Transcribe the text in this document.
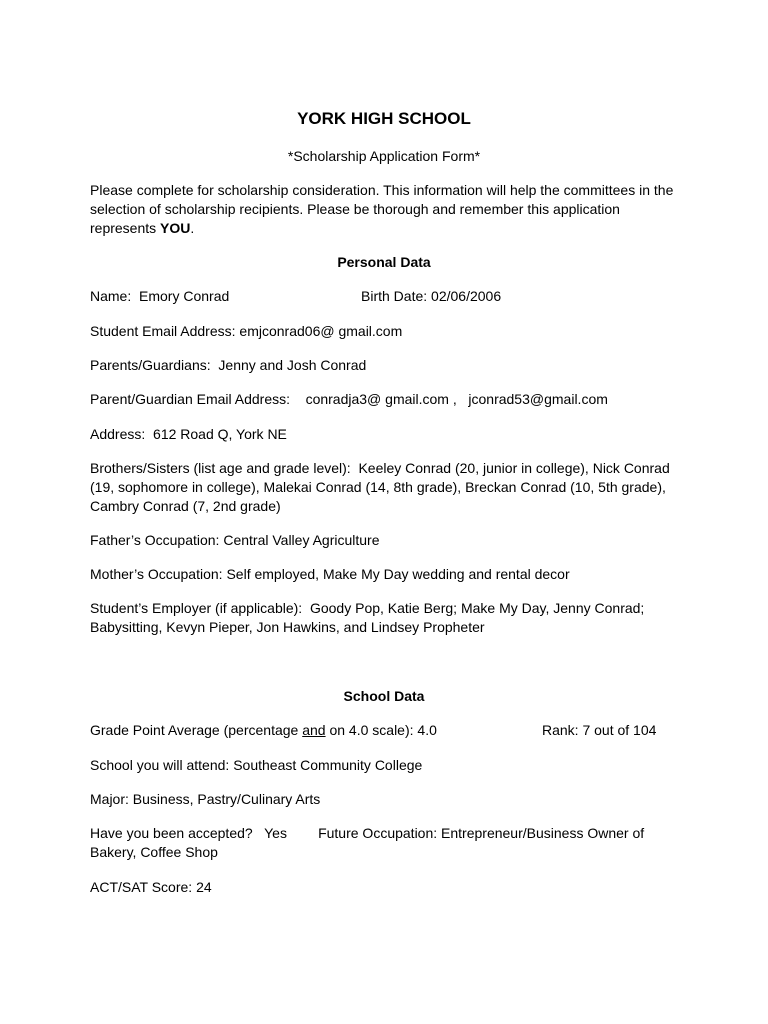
YORK HIGH SCHOOL
*Scholarship Application Form*
Please complete for scholarship consideration. This information will help the committees in the selection of scholarship recipients. Please be thorough and remember this application represents YOU.
Personal Data
Name: Emory Conrad	Birth Date: 02/06/2006
Student Email Address: emjconrad06@ gmail.com
Parents/Guardians: Jenny and Josh Conrad
Parent/Guardian Email Address: conradja3@ gmail.com ,   jconrad53@gmail.com
Address: 612 Road Q, York NE
Brothers/Sisters (list age and grade level): Keeley Conrad (20, junior in college), Nick Conrad (19, sophomore in college), Malekai Conrad (14, 8th grade), Breckan Conrad (10, 5th grade), Cambry Conrad (7, 2nd grade)
Father’s Occupation: Central Valley Agriculture
Mother’s Occupation: Self employed, Make My Day wedding and rental decor
Student’s Employer (if applicable): Goody Pop, Katie Berg; Make My Day, Jenny Conrad; Babysitting, Kevyn Pieper, Jon Hawkins, and Lindsey Propheter
School Data
Grade Point Average (percentage and on 4.0 scale): 4.0	Rank: 7 out of 104
School you will attend: Southeast Community College
Major: Business, Pastry/Culinary Arts
Have you been accepted? Yes Future Occupation: Entrepreneur/Business Owner of Bakery, Coffee Shop
ACT/SAT Score: 24
